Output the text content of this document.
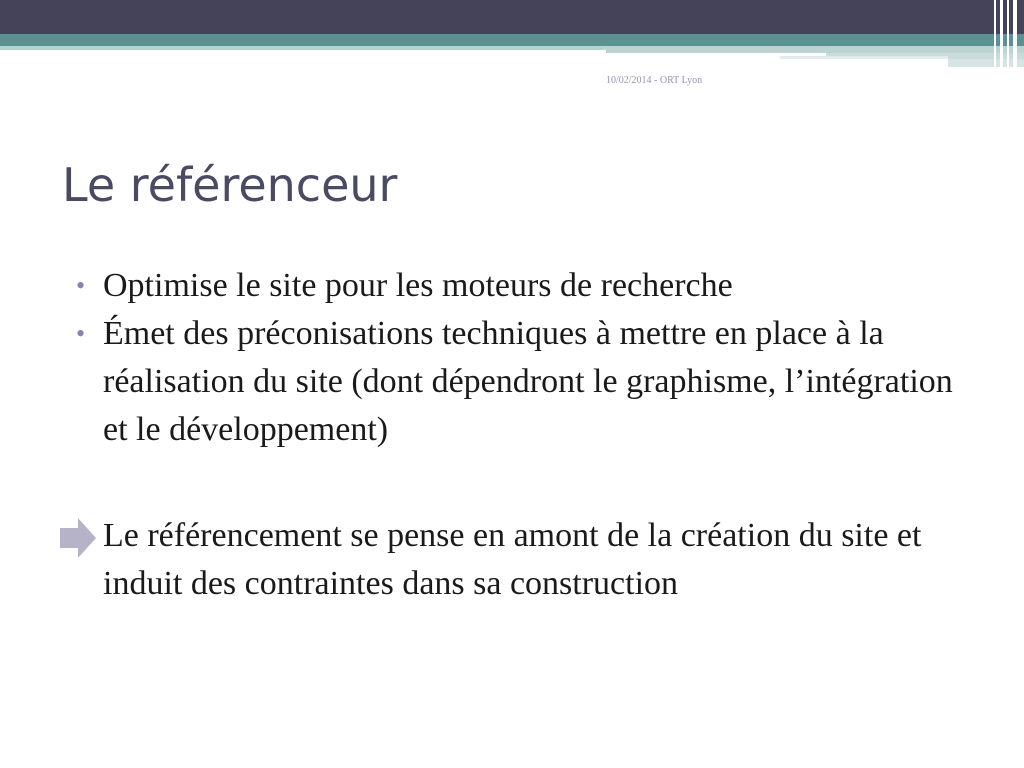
10/02/2014 - ORT Lyon
Le référenceur
• Optimise le site pour les moteurs de recherche
• Émet des préconisations techniques à mettre en place à la réalisation du site (dont dépendront le graphisme, l’intégration et le développement)
Le référencement se pense en amont de la création du site et induit des contraintes dans sa construction
